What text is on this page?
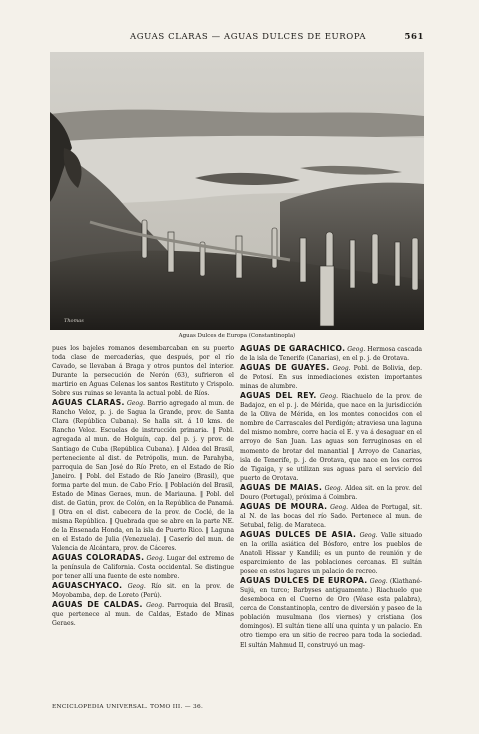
AGUAS CLARAS — AGUAS DULCES DE EUROPA	561
Thomas
Aguas Dulces de Europa (Constantinopla)

pues los bajeles romanos desembarcaban en su puerto toda clase de mercaderías, que después, por el río Cavado, se llevaban á Braga y otros puntos del interior. Durante la persecución de Nerón (63), sufrieron el martirio en Aguas Celenas los santos Restituto y Crispolo. Sobre sus ruinas se levanta la actual pobl. de Ríos.

AGUAS CLARAS. Geog. Barrio agregado al mun. de Rancho Veloz, p. j. de Sagua la Grande, prov. de Santa Clara (República Cubana). Se halla sit. á 10 kms. de Rancho Veloz. Escuelas de instrucción primaria. ‖ Pobl. agregada al mun. de Holguín, cap. del p. j. y prov. de Santiago de Cuba (República Cubana). ‖ Aldea del Brasil, perteneciente al dist. de Petrópolis, mun. de Parahyba, parroquia de San José do Río Preto, en el Estado de Río Janeiro. ‖ Pobl. del Estado de Río Janeiro (Brasil), que forma parte del mun. de Cabo Frío. ‖ Población del Brasil, Estado de Minas Geraes, mun. de Mariauna. ‖ Pobl. del dist. de Gatún, prov. de Colón, en la República de Panamá. ‖ Otra en el dist. cabecera de la prov. de Coclé, de la misma República. ‖ Quebrada que se abre en la parte NE. de la Ensenada Honda, en la isla de Puerto Rico. ‖ Laguna en el Estado de Julia (Venezuela). ‖ Caserío del mun. de Valencia de Alcántara, prov. de Cáceres.

AGUAS COLORADAS. Geog. Lugar del extremo de la península de California. Costa occidental. Se distingue por tener allí una fuente de este nombre.

AGUASCHYACO. Geog. Río sit. en la prov. de Moyobamba, dep. de Loreto (Perú).

AGUAS DE CALDAS. Geog. Parroquia del Brasil, que pertenece al mun. de Caldas, Estado de Minas Geraes.

AGUAS DE GARACHICO. Geog. Hermosa cascada de la isla de Tenerife (Canarias), en el p. j. de Orotava.

AGUAS DE GUAYES. Geog. Pobl. de Bolivia, dep. de Potosí. En sus inmediaciones existen importantes minas de alumbre.

AGUAS DEL REY. Geog. Riachuelo de la prov. de Badajoz, en el p. j. de Mérida, que nace en la jurisdicción de la Oliva de Mérida, en los montes conocidos con el nombre de Carrascales del Perdigón; atraviesa una laguna del mismo nombre, corre hacia el E. y va á desaguar en el arroyo de San Juan. Las aguas son ferruginosas en el momento de brotar del manantial ‖ Arroyo de Canarias, isla de Tenerife, p. j. de Orotava, que nace en los cerros de Tigaiga, y se utilizan sus aguas para el servicio del puerto de Orotava.

AGUAS DE MAIAS. Geog. Aldea sit. en la prov. del Douro (Portugal), próxima á Coimbra.

AGUAS DE MOURA. Geog. Aldea de Portugal, sit. al N. de las bocas del río Sado. Pertenece al mun. de Setubal, felig. de Marateca.

AGUAS DULCES DE ASIA. Geog. Valle situado en la orilla asiática del Bósforo, entre los pueblos de Anatoli Hissar y Kandili; es un punto de reunión y de esparcimiento de las poblaciones cercanas. El sultán posee en estos lugares un palacio de recreo.

AGUAS DULCES DE EUROPA. Geog. (Kiathané-Sujú, en turco; Barbyses antiguamente.) Riachuelo que desemboca en el Cuerno de Oro (Véase esta palabra), cerca de Constantinopla, centro de diversión y paseo de la población musulmana (los viernes) y cristiana (los domingos). El sultán tiene allí una quinta y un palacio. En otro tiempo era un sitio de recreo para toda la sociedad. El sultán Mahmud II, construyó un mag-

ENCICLOPEDIA UNIVERSAL. TOMO III. — 36.
